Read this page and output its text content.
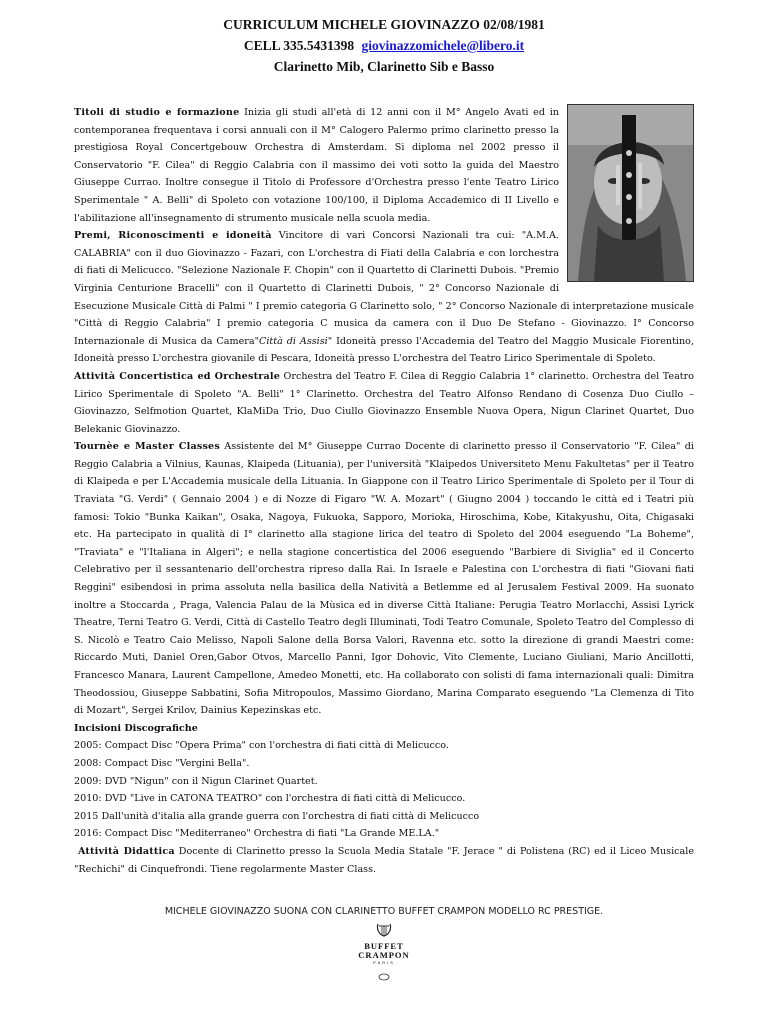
CURRICULUM MICHELE GIOVINAZZO 02/08/1981
CELL 335.5431398 giovinazzomichele@libero.it
Clarinetto Mib, Clarinetto Sib e Basso

Titoli di studio e formazione Inizia gli studi all'età di 12 anni con il M° Angelo Avati ed in contemporanea frequentava i corsi annuali con il M° Calogero Palermo primo clarinetto presso la prestigiosa Royal Concertgebouw Orchestra di Amsterdam. Si diploma nel 2002 presso il Conservatorio "F. Cilea" di Reggio Calabria con il massimo dei voti sotto la guida del Maestro Giuseppe Currao. Inoltre consegue il Titolo di Professore d'Orchestra presso l'ente Teatro Lirico Sperimentale " A. Belli" di Spoleto con votazione 100/100, il Diploma Accademico di II Livello e l'abilitazione all'insegnamento di strumento musicale nella scuola media.

Premi, Riconoscimenti e idoneità Vincitore di vari Concorsi Nazionali tra cui: "A.M.A. CALABRIA" con il duo Giovinazzo - Fazari, con L'orchestra di Fiati della Calabria e con lorchestra di fiati di Melicucco. "Selezione Nazionale F. Chopin" con il Quartetto di Clarinetti Dubois. "Premio Virginia Centurione Bracelli" con il Quartetto di Clarinetti Dubois, " 2° Concorso Nazionale di Esecuzione Musicale Città di Palmi " I premio categoria G Clarinetto solo, " 2° Concorso Nazionale di interpretazione musicale "Città di Reggio Calabria" I premio categoria C musica da camera con il Duo De Stefano - Giovinazzo. I° Concorso Internazionale di Musica da Camera"Città di Assisi" Idoneità presso l'Accademia del Teatro del Maggio Musicale Fiorentino, Idoneità presso L'orchestra giovanile di Pescara, Idoneità presso L'orchestra del Teatro Lirico Sperimentale di Spoleto.

Attività Concertistica ed Orchestrale Orchestra del Teatro F. Cilea di Reggio Calabria 1° clarinetto. Orchestra del Teatro Lirico Sperimentale di Spoleto "A. Belli" 1° Clarinetto. Orchestra del Teatro Alfonso Rendano di Cosenza Duo Ciullo – Giovinazzo, Selfmotion Quartet, KlaMiDa Trio, Duo Ciullo Giovinazzo Ensemble Nuova Opera, Nigun Clarinet Quartet, Duo Belekanic Giovinazzo.

Tournèe e Master Classes Assistente del M° Giuseppe Currao Docente di clarinetto presso il Conservatorio "F. Cilea" di Reggio Calabria a Vilnius, Kaunas, Klaipeda (Lituania), per l'università "Klaipedos Universiteto Menu Fakultetas" per il Teatro di Klaipeda e per L'Accademia musicale della Lituania. In Giappone con il Teatro Lirico Sperimentale di Spoleto per il Tour di Traviata "G. Verdi" ( Gennaio 2004 ) e di Nozze di Figaro "W. A. Mozart" ( Giugno 2004 ) toccando le città ed i Teatri più famosi: Tokio "Bunka Kaikan", Osaka, Nagoya, Fukuoka, Sapporo, Morioka, Hiroschima, Kobe, Kitakyushu, Oita, Chigasaki etc. Ha partecipato in qualità di I° clarinetto alla stagione lirica del teatro di Spoleto del 2004 eseguendo "La Boheme", "Traviata" e "l'Italiana in Algeri"; e nella stagione concertistica del 2006 eseguendo "Barbiere di Siviglia" ed il Concerto Celebrativo per il sessantenario dell'orchestra ripreso dalla Rai. In Israele e Palestina con L'orchestra di fiati "Giovani fiati Reggini" esibendosi in prima assoluta nella basilica della Natività a Betlemme ed al Jerusalem Festival 2009. Ha suonato inoltre a Stoccarda , Praga, Valencia Palau de la Mùsica ed in diverse Città Italiane: Perugia Teatro Morlacchi, Assisi Lyrick Theatre, Terni Teatro G. Verdi, Città di Castello Teatro degli Illuminati, Todi Teatro Comunale, Spoleto Teatro del Complesso di S. Nicolò e Teatro Caio Melisso, Napoli Salone della Borsa Valori, Ravenna etc. sotto la direzione di grandi Maestri come: Riccardo Muti, Daniel Oren,Gabor Otvos, Marcello Panni, Igor Dohovic, Vito Clemente, Luciano Giuliani, Mario Ancillotti, Francesco Manara, Laurent Campellone, Amedeo Monetti, etc. Ha collaborato con solisti di fama internazionali quali: Dimitra Theodossiou, Giuseppe Sabbatini, Sofia Mitropoulos, Massimo Giordano, Marina Comparato eseguendo "La Clemenza di Tito di Mozart", Sergei Krilov, Dainius Kepezinskas etc.

Incisioni Discografiche
2005: Compact Disc "Opera Prima" con l'orchestra di fiati città di Melicucco.
2008: Compact Disc "Vergini Bella".
2009: DVD "Nigun" con il Nigun Clarinet Quartet.
2010: DVD "Live in CATONA TEATRO" con l'orchestra di fiati città di Melicucco.
2015 Dall'unità d'italia alla grande guerra con l'orchestra di fiati città di Melicucco
2016: Compact Disc "Mediterraneo" Orchestra di fiati "La Grande ME.LA."

Attività Didattica Docente di Clarinetto presso la Scuola Media Statale "F. Jerace " di Polistena (RC) ed il Liceo Musicale "Rechichi" di Cinquefrondi. Tiene regolarmente Master Class.

MICHELE GIOVINAZZO SUONA CON CLARINETTO BUFFET CRAMPON MODELLO RC PRESTIGE.
BUFFET
CRAMPON
PARIS
